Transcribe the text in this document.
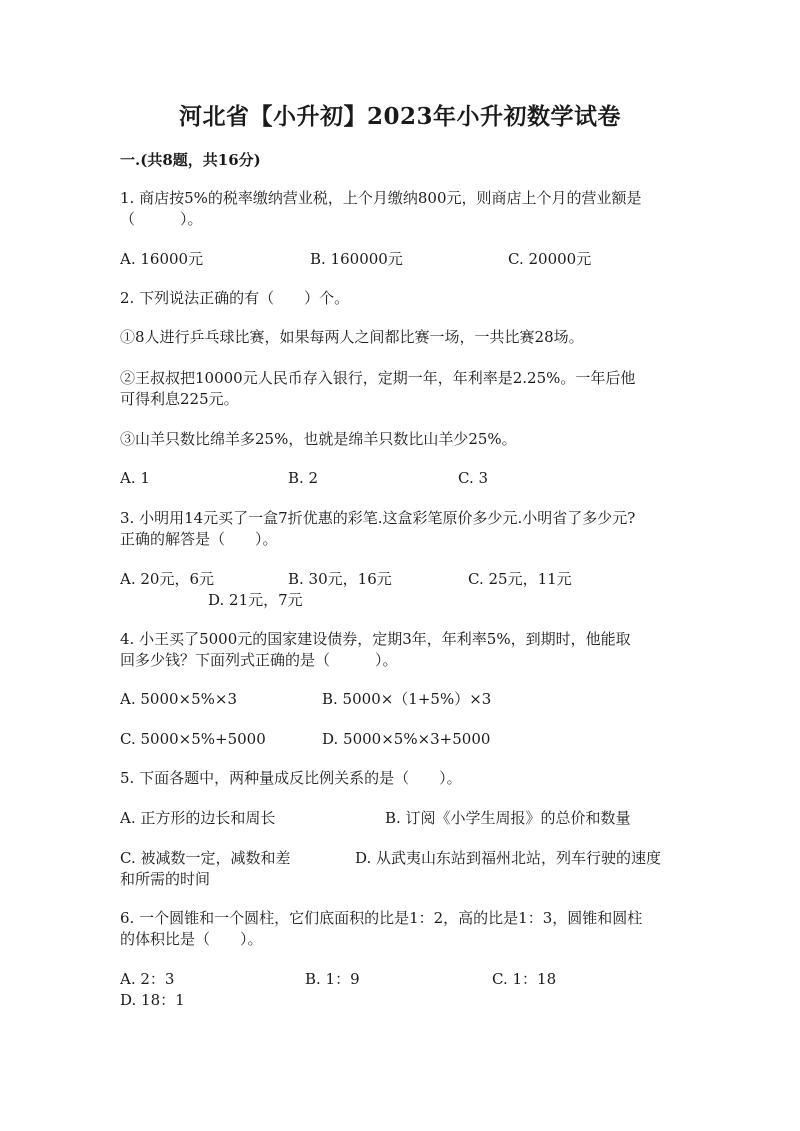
河北省【小升初】2023年小升初数学试卷
一.(共8题，共16分)
1. 商店按5%的税率缴纳营业税，上个月缴纳800元，则商店上个月的营业额是
（　　　）。
A. 16000元	B. 160000元	C. 20000元
2. 下列说法正确的有（　　）个。
①8人进行乒乓球比赛，如果每两人之间都比赛一场，一共比赛28场。
②王叔叔把10000元人民币存入银行，定期一年，年利率是2.25%。一年后他
可得利息225元。
③山羊只数比绵羊多25%，也就是绵羊只数比山羊少25%。
A. 1	B. 2	C. 3
3. 小明用14元买了一盒7折优惠的彩笔.这盒彩笔原价多少元.小明省了多少元?
正确的解答是（　　）。
A. 20元，6元	B. 30元，16元	C. 25元，11元
D. 21元，7元
4. 小王买了5000元的国家建设债券，定期3年，年利率5%，到期时，他能取
回多少钱？下面列式正确的是（　　　）。
A. 5000×5%×3	B. 5000×（1+5%）×3
C. 5000×5%+5000	D. 5000×5%×3+5000
5. 下面各题中，两种量成反比例关系的是（　　）。
A. 正方形的边长和周长	B. 订阅《小学生周报》的总价和数量
C. 被减数一定，减数和差	D. 从武夷山东站到福州北站，列车行驶的速度
和所需的时间
6. 一个圆锥和一个圆柱，它们底面积的比是1：2，高的比是1：3，圆锥和圆柱
的体积比是（　　）。
A. 2：3	B. 1：9	C. 1：18
D. 18：1
